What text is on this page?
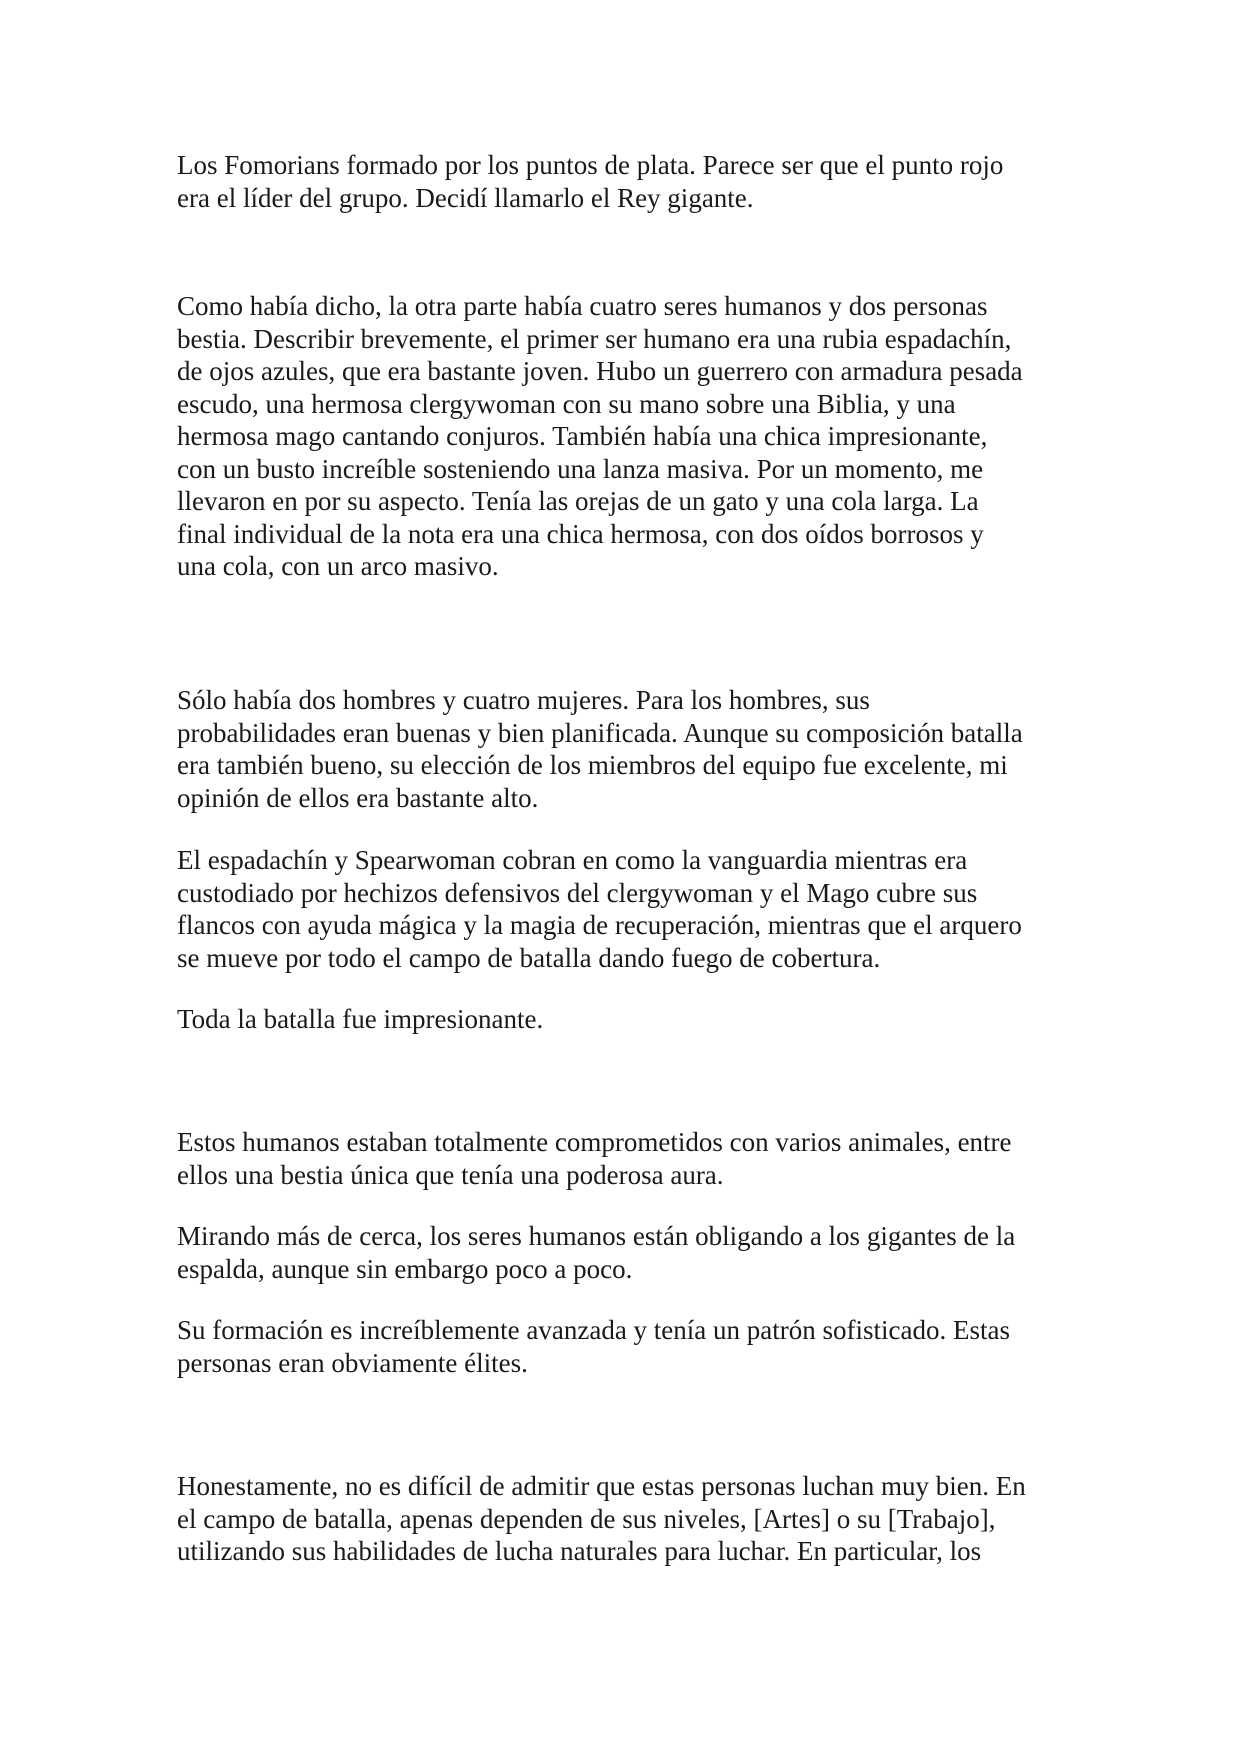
Los Fomorians formado por los puntos de plata. Parece ser que el punto rojo
era el líder del grupo. Decidí llamarlo el Rey gigante.

Como había dicho, la otra parte había cuatro seres humanos y dos personas
bestia. Describir brevemente, el primer ser humano era una rubia espadachín,
de ojos azules, que era bastante joven. Hubo un guerrero con armadura pesada
escudo, una hermosa clergywoman con su mano sobre una Biblia, y una
hermosa mago cantando conjuros. También había una chica impresionante,
con un busto increíble sosteniendo una lanza masiva. Por un momento, me
llevaron en por su aspecto. Tenía las orejas de un gato y una cola larga. La
final individual de la nota era una chica hermosa, con dos oídos borrosos y
una cola, con un arco masivo.

Sólo había dos hombres y cuatro mujeres. Para los hombres, sus
probabilidades eran buenas y bien planificada. Aunque su composición batalla
era también bueno, su elección de los miembros del equipo fue excelente, mi
opinión de ellos era bastante alto.

El espadachín y Spearwoman cobran en como la vanguardia mientras era
custodiado por hechizos defensivos del clergywoman y el Mago cubre sus
flancos con ayuda mágica y la magia de recuperación, mientras que el arquero
se mueve por todo el campo de batalla dando fuego de cobertura.

Toda la batalla fue impresionante.

Estos humanos estaban totalmente comprometidos con varios animales, entre
ellos una bestia única que tenía una poderosa aura.

Mirando más de cerca, los seres humanos están obligando a los gigantes de la
espalda, aunque sin embargo poco a poco.

Su formación es increíblemente avanzada y tenía un patrón sofisticado. Estas
personas eran obviamente élites.

Honestamente, no es difícil de admitir que estas personas luchan muy bien. En
el campo de batalla, apenas dependen de sus niveles, [Artes] o su [Trabajo],
utilizando sus habilidades de lucha naturales para luchar. En particular, los
